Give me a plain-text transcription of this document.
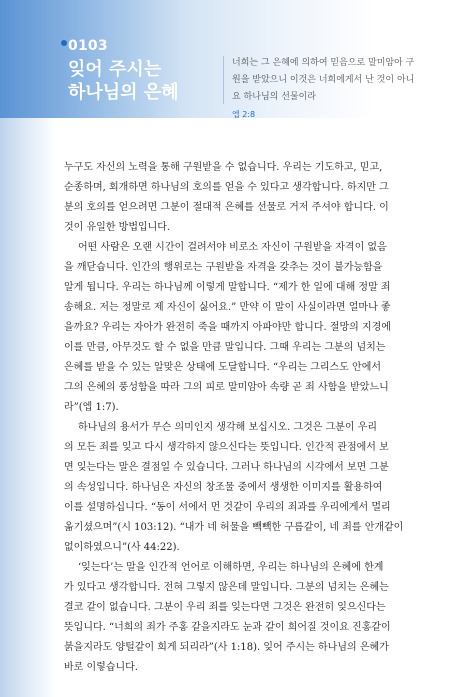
0103

잊어 주시는
하나님의 은혜

너희는 그 은혜에 의하여 믿음으로 말미암아 구
원을 받았으니 이것은 너희에게서 난 것이 아니
요 하나님의 선물이라
엡 2:8

누구도 자신의 노력을 통해 구원받을 수 없습니다. 우리는 기도하고, 믿고,
순종하며, 회개하면 하나님의 호의를 얻을 수 있다고 생각합니다. 하지만 그
분의 호의를 얻으려면 그분이 절대적 은혜를 선물로 거저 주셔야 합니다. 이
것이 유일한 방법입니다.
어떤 사람은 오랜 시간이 걸려서야 비로소 자신이 구원받을 자격이 없음
을 깨닫습니다. 인간의 행위로는 구원받을 자격을 갖추는 것이 불가능함을
알게 됩니다. 우리는 하나님께 이렇게 말합니다. “제가 한 일에 대해 정말 죄
송해요. 저는 정말로 제 자신이 싫어요.” 만약 이 말이 사실이라면 얼마나 좋
을까요? 우리는 자아가 완전히 죽을 때까지 아파야만 합니다. 절망의 지경에
이를 만큼, 아무것도 할 수 없을 만큼 말입니다. 그때 우리는 그분의 넘치는
은혜를 받을 수 있는 알맞은 상태에 도달합니다. “우리는 그리스도 안에서
그의 은혜의 풍성함을 따라 그의 피로 말미암아 속량 곧 죄 사함을 받았느니
라”(엡 1:7).
하나님의 용서가 무슨 의미인지 생각해 보십시오. 그것은 그분이 우리
의 모든 죄를 잊고 다시 생각하지 않으신다는 뜻입니다. 인간적 관점에서 보
면 잊는다는 말은 결점일 수 있습니다. 그러나 하나님의 시각에서 보면 그분
의 속성입니다. 하나님은 자신의 창조물 중에서 생생한 이미지를 활용하여
이를 설명하십니다. “동이 서에서 먼 것같이 우리의 죄과를 우리에게서 멀리
옮기셨으며”(시 103:12). “내가 네 허물을 빽빽한 구름같이, 네 죄를 안개같이
없이하였으니”(사 44:22).
‘잊는다’는 말을 인간적 언어로 이해하면, 우리는 하나님의 은혜에 한계
가 있다고 생각합니다. 전혀 그렇지 않은데 말입니다. 그분의 넘치는 은혜는
결코 같이 없습니다. 그분이 우리 죄를 잊는다면 그것은 완전히 잊으신다는
뜻입니다. “너희의 죄가 주홍 같을지라도 눈과 같이 희어질 것이요 진홍같이
붉을지라도 양털같이 희게 되리라”(사 1:18). 잊어 주시는 하나님의 은혜가
바로 이렇습니다.
